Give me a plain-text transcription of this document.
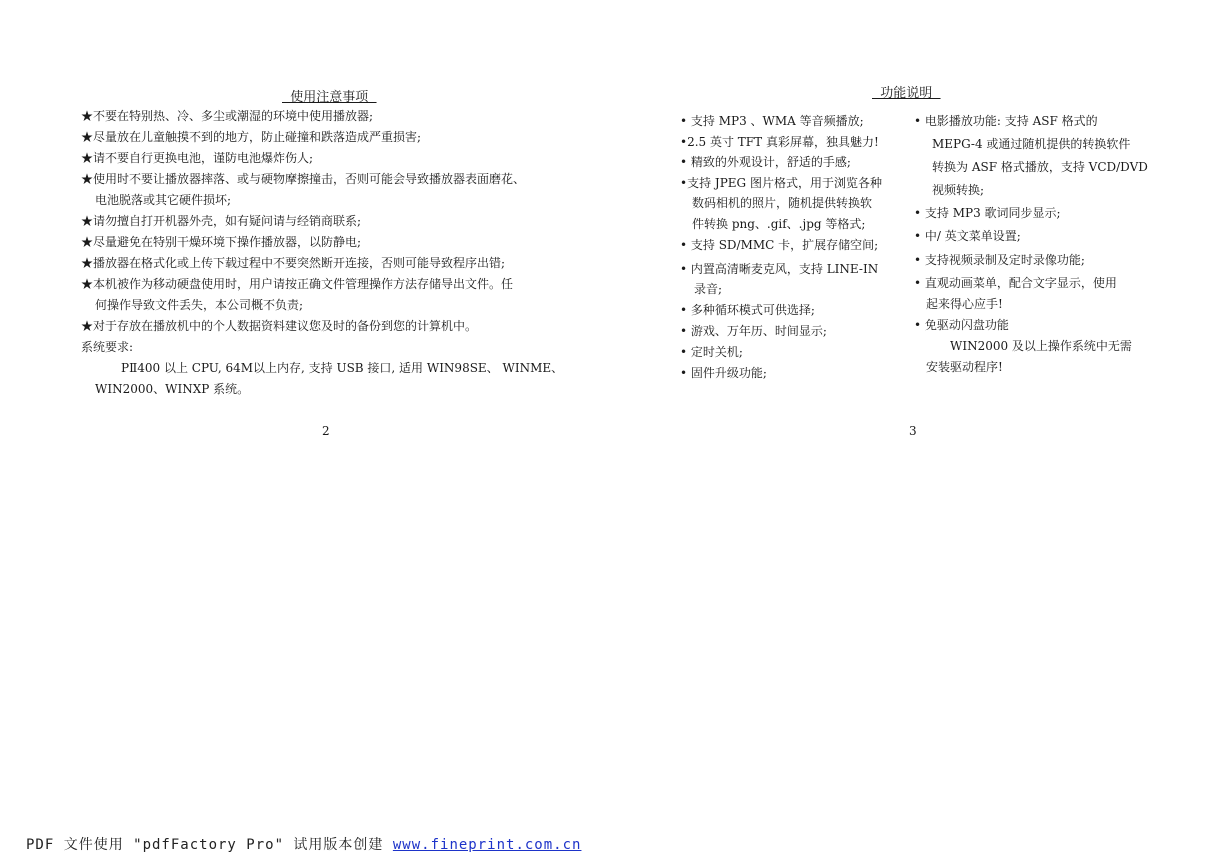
使用注意事项
★不要在特别热、冷、多尘或潮湿的环境中使用播放器;
★尽量放在儿童触摸不到的地方，防止碰撞和跌落造成严重损害;
★请不要自行更换电池，谨防电池爆炸伤人;
★使用时不要让播放器摔落、或与硬物摩擦撞击，否则可能会导致播放器表面磨花、
电池脱落或其它硬件损坏;
★请勿擅自打开机器外壳，如有疑问请与经销商联系;
★尽量避免在特别干燥环境下操作播放器，以防静电;
★播放器在格式化或上传下载过程中不要突然断开连接，否则可能导致程序出错;
★本机被作为移动硬盘使用时，用户请按正确文件管理操作方法存储导出文件。任
何操作导致文件丢失，本公司概不负责;
★对于存放在播放机中的个人数据资料建议您及时的备份到您的计算机中。
系统要求:
PⅡ400 以上 CPU, 64M以上内存, 支持 USB 接口, 适用 WIN98SE、 WINME、
WIN2000、WINXP 系统。
2
功能说明
• 支持 MP3 、WMA 等音频播放;
•2.5 英寸 TFT 真彩屏幕，独具魅力!
• 精致的外观设计，舒适的手感;
•支持 JPEG 图片格式，用于浏览各种
数码相机的照片，随机提供转换软
件转换 png、.gif、.jpg 等格式;
• 支持 SD/MMC 卡，扩展存储空间;
• 内置高清晰麦克风，支持 LINE-IN
录音;
• 多种循环模式可供选择;
• 游戏、万年历、时间显示;
• 定时关机;
• 固件升级功能;
• 电影播放功能: 支持 ASF 格式的
MEPG-4 或通过随机提供的转换软件
转换为 ASF 格式播放，支持 VCD/DVD
视频转换;
• 支持 MP3 歌词同步显示;
• 中/ 英文菜单设置;
• 支持视频录制及定时录像功能;
• 直观动画菜单，配合文字显示，使用
起来得心应手!
• 免驱动闪盘功能
WIN2000 及以上操作系统中无需
安装驱动程序!
3
PDF 文件使用 "pdfFactory Pro" 试用版本创建 www.fineprint.com.cn
